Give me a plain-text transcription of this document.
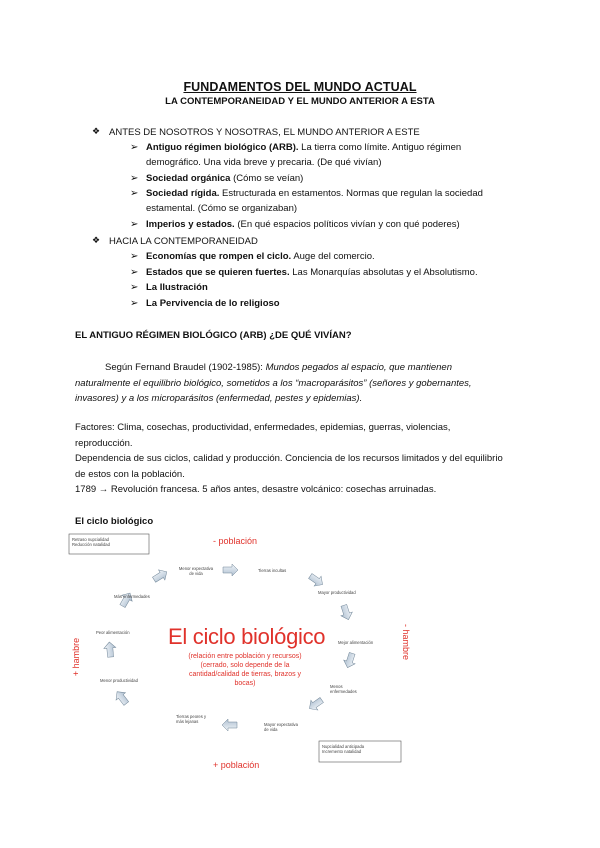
FUNDAMENTOS DEL MUNDO ACTUAL
LA CONTEMPORANEIDAD Y EL MUNDO ANTERIOR A ESTA
❖ ANTES DE NOSOTROS Y NOSOTRAS, EL MUNDO ANTERIOR A ESTE
➢ Antiguo régimen biológico (ARB). La tierra como límite. Antiguo régimen
demográfico. Una vida breve y precaria. (De qué vivían)
➢ Sociedad orgánica (Cómo se veían)
➢ Sociedad rígida. Estructurada en estamentos. Normas que regulan la sociedad
estamental. (Cómo se organizaban)
➢ Imperios y estados. (En qué espacios políticos vivían y con qué poderes)
❖ HACIA LA CONTEMPORANEIDAD
➢ Economías que rompen el ciclo. Auge del comercio.
➢ Estados que se quieren fuertes. Las Monarquías absolutas y el Absolutismo.
➢ La Ilustración
➢ La Pervivencia de lo religioso
EL ANTIGUO RÉGIMEN BIOLÓGICO (ARB) ¿DE QUÉ VIVÍAN?
Según Fernand Braudel (1902-1985): Mundos pegados al espacio, que mantienen
naturalmente el equilibrio biológico, sometidos a los “macroparásitos” (señores y gobernantes,
invasores) y a los microparásitos (enfermedad, pestes y epidemias).
Factores: Clima, cosechas, productividad, enfermedades, epidemias, guerras, violencias,
reproducción.
Dependencia de sus ciclos, calidad y producción. Conciencia de los recursos limitados y del equilibrio
de estos con la población.
1789 → Revolución francesa. 5 años antes, desastre volcánico: cosechas arruinadas.
El ciclo biológico
Retraso nupcialidad
Reducción natalidad
Nupcialidad anticipada
Incremento natalidad
- población
+ población
+ hambre	- hambre
El ciclo biológico
(relación entre población y recursos)
(cerrado, solo depende de la
cantidad/calidad de tierras, brazos y
bocas)
Menor expectativa
de vida
Tierras incultas
Mayor productividad
Mejor alimentación
Menos
enfermedades
Mayor expectativa
de vida
Tierras peores y
más lejanas
Menor productividad
Peor alimentación
Más enfermedades
